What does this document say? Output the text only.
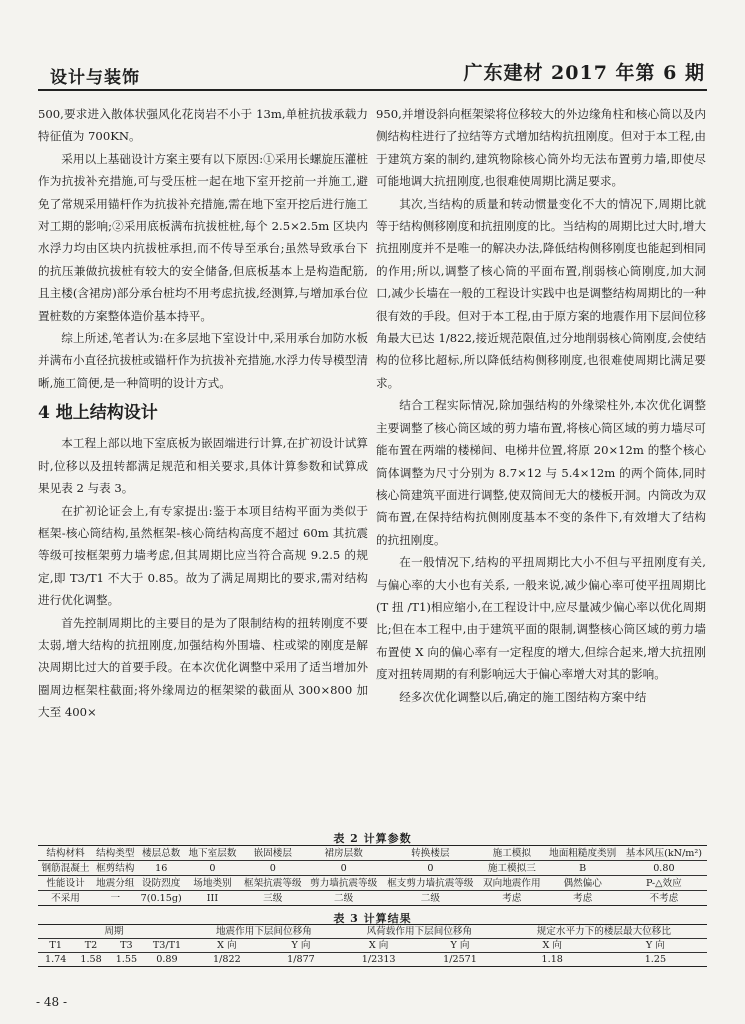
设计与装饰	广东建材 2017 年第 6 期

500,要求进入散体状强风化花岗岩不小于 13m,单桩抗拔承载力特征值为 700KN。

采用以上基础设计方案主要有以下原因:①采用长螺旋压灌桩作为抗拔补充措施,可与受压桩一起在地下室开挖前一并施工,避免了常规采用锚杆作为抗拔补充措施,需在地下室开挖后进行施工对工期的影响;②采用底板满布抗拔桩桩,每个 2.5×2.5m 区块内水浮力均由区块内抗拔桩承担,而不传导至承台;虽然导致承台下的抗压兼做抗拔桩有较大的安全储备,但底板基本上是构造配筋,且主楼(含裙房)部分承台桩均不用考虑抗拔,经测算,与增加承台位置桩数的方案整体造价基本持平。

综上所述,笔者认为:在多层地下室设计中,采用承台加防水板并满布小直径抗拔桩或锚杆作为抗拔补充措施,水浮力传导模型清晰,施工简便,是一种简明的设计方式。

4 地上结构设计

本工程上部以地下室底板为嵌固端进行计算,在扩初设计试算时,位移以及扭转都满足规范和相关要求,具体计算参数和试算成果见表 2 与表 3。

在扩初论证会上,有专家提出:鉴于本项目结构平面为类似于框架-核心筒结构,虽然框架-核心筒结构高度不超过 60m 其抗震等级可按框架剪力墙考虑,但其周期比应当符合高规 9.2.5 的规定,即 T3/T1 不大于 0.85。故为了满足周期比的要求,需对结构进行优化调整。

首先控制周期比的主要目的是为了限制结构的扭转刚度不要太弱,增大结构的抗扭刚度,加强结构外围墙、柱或梁的刚度是解决周期比过大的首要手段。在本次优化调整中采用了适当增加外圈周边框架柱截面;将外缘周边的框架梁的截面从 300×800 加大至 400×

950,并增设斜向框架梁将位移较大的外边缘角柱和核心筒以及内侧结构柱进行了拉结等方式增加结构抗扭刚度。但对于本工程,由于建筑方案的制约,建筑物除核心筒外均无法布置剪力墙,即使尽可能地调大抗扭刚度,也很难使周期比满足要求。

其次,当结构的质量和转动惯量变化不大的情况下,周期比就等于结构侧移刚度和抗扭刚度的比。当结构的周期比过大时,增大抗扭刚度并不是唯一的解决办法,降低结构侧移刚度也能起到相同的作用;所以,调整了核心筒的平面布置,削弱核心筒刚度,加大洞口,减少长墙在一般的工程设计实践中也是调整结构周期比的一种很有效的手段。但对于本工程,由于原方案的地震作用下层间位移角最大已达 1/822,接近规范限值,过分地削弱核心筒刚度,会使结构的位移比超标,所以降低结构侧移刚度,也很难使周期比满足要求。

结合工程实际情况,除加强结构的外缘梁柱外,本次优化调整主要调整了核心筒区域的剪力墙布置,将核心筒区域的剪力墙尽可能布置在两端的楼梯间、电梯井位置,将原 20×12m 的整个核心筒体调整为尺寸分别为 8.7×12 与 5.4×12m 的两个筒体,同时核心筒建筑平面进行调整,使双筒间无大的楼板开洞。内筒改为双筒布置,在保持结构抗侧刚度基本不变的条件下,有效增大了结构的抗扭刚度。

在一般情况下,结构的平扭周期比大小不但与平扭刚度有关,与偏心率的大小也有关系, 一般来说,减少偏心率可使平扭周期比(T 扭 /T1)相应缩小,在工程设计中,应尽量减少偏心率以优化周期比;但在本工程中,由于建筑平面的限制,调整核心筒区域的剪力墙布置使 X 向的偏心率有一定程度的增大,但综合起来,增大抗扭刚度对扭转周期的有利影响远大于偏心率增大对其的影响。

经多次优化调整以后,确定的施工图结构方案中结

表 2 计算参数
结构材料	结构类型	楼层总数	地下室层数	嵌固楼层	裙房层数	转换楼层	施工模拟	地面粗糙度类别	基本风压(kN/m²)
钢筋混凝土	框剪结构	16	0	0	0	0	施工模拟三	B	0.80
性能设计	地震分组	设防烈度	场地类别	框架抗震等级	剪力墙抗震等级	框支剪力墙抗震等级	双向地震作用	偶然偏心	P-△效应
不采用	一	7(0.15g)	III	三级	二级	二级	考虑	考虑	不考虑
表 3 计算结果
周期				地震作用下层间位移角		风荷载作用下层间位移角		规定水平力下的楼层最大位移比	
T1	T2	T3	T3/T1	X 向	Y 向	X 向	Y 向	X 向	Y 向
1.74	1.58	1.55	0.89	1/822	1/877	1/2313	1/2571	1.18	1.25
- 48 -
